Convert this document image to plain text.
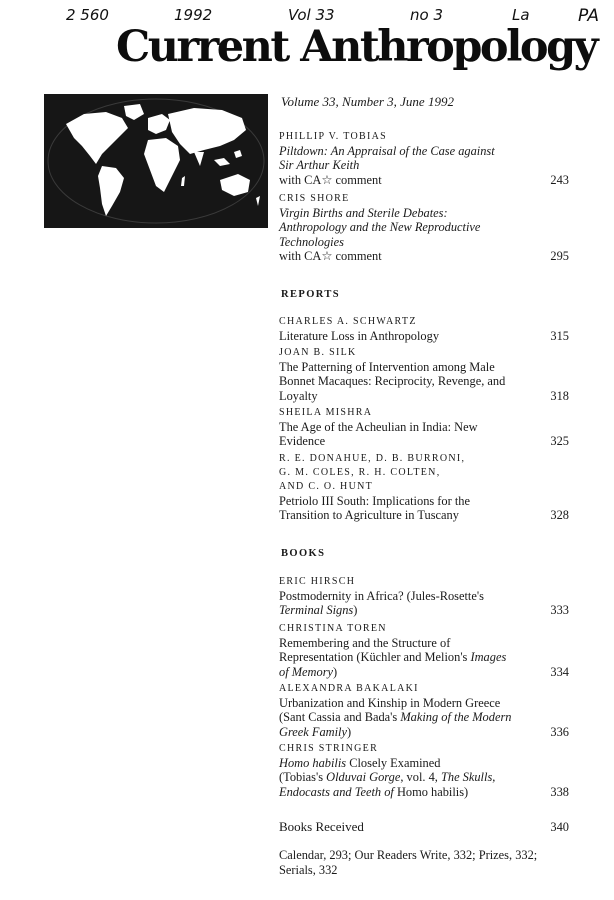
2 560	1992	Vol 33	no 3	La	PA
Current Anthropology
Volume 33, Number 3, June 1992
PHILLIP V. TOBIAS
Piltdown: An Appraisal of the Case against
Sir Arthur Keith
with CA☆ comment	243
CRIS SHORE
Virgin Births and Sterile Debates:
Anthropology and the New Reproductive
Technologies
with CA☆ comment	295
REPORTS
CHARLES A. SCHWARTZ
Literature Loss in Anthropology	315
JOAN B. SILK
The Patterning of Intervention among Male
Bonnet Macaques: Reciprocity, Revenge, and
Loyalty	318
SHEILA MISHRA
The Age of the Acheulian in India: New
Evidence	325
R. E. DONAHUE, D. B. BURRONI,
G. M. COLES, R. H. COLTEN,
AND C. O. HUNT
Petriolo III South: Implications for the
Transition to Agriculture in Tuscany	328
BOOKS
ERIC HIRSCH
Postmodernity in Africa? (Jules-Rosette's
Terminal Signs)	333
CHRISTINA TOREN
Remembering and the Structure of
Representation (Küchler and Melion's Images
of Memory)	334
ALEXANDRA BAKALAKI
Urbanization and Kinship in Modern Greece
(Sant Cassia and Bada's Making of the Modern
Greek Family)	336
CHRIS STRINGER
Homo habilis Closely Examined
(Tobias's Olduvai Gorge, vol. 4, The Skulls,
Endocasts and Teeth of Homo habilis)	338
Books Received	340
Calendar, 293; Our Readers Write, 332; Prizes, 332;
Serials, 332
